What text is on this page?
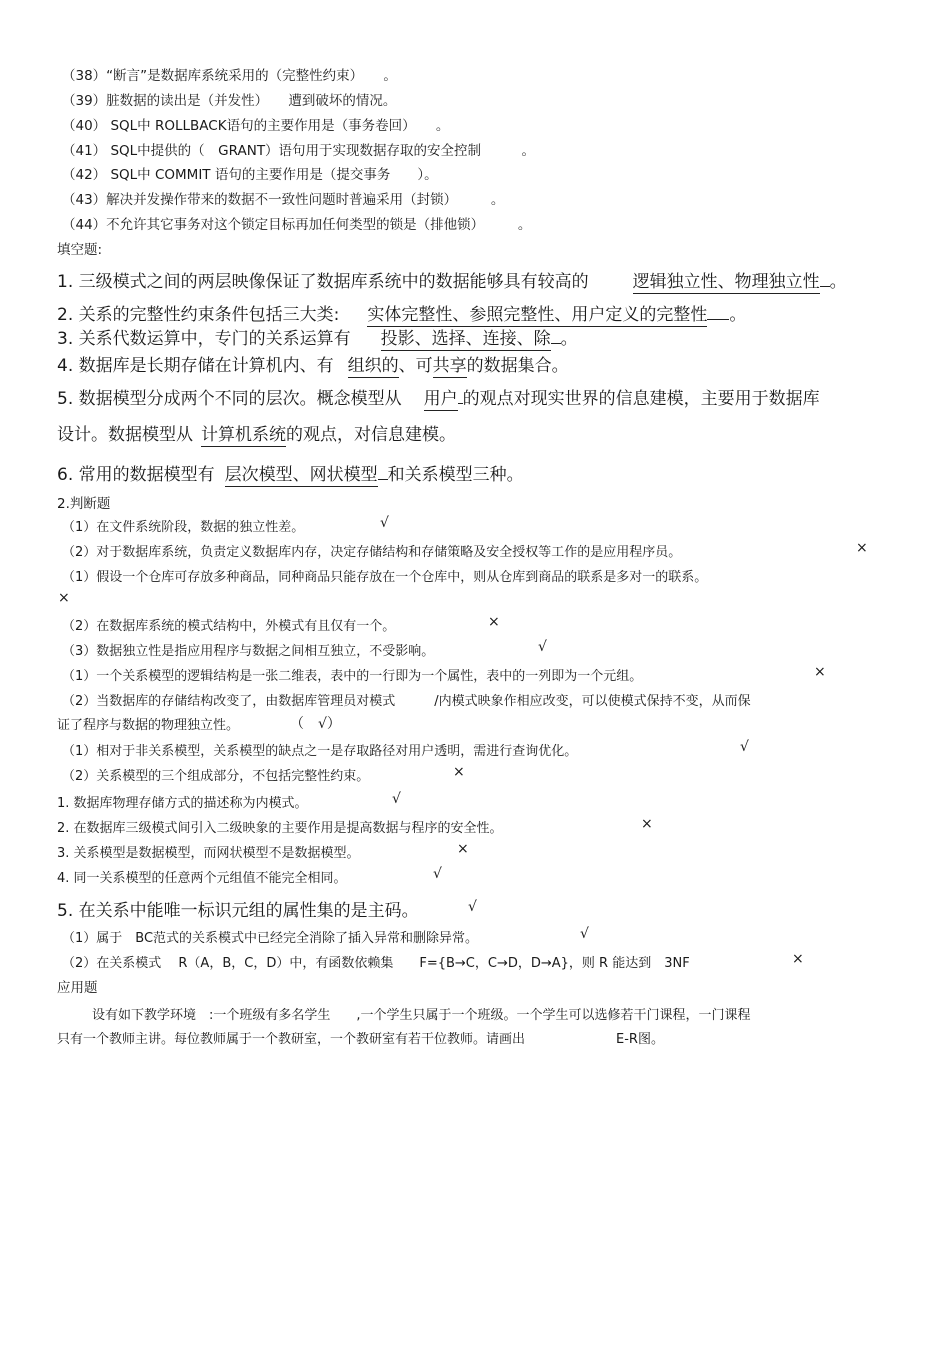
（38）“断言”是数据库系统采用的（完整性约束）　　。
（39）脏数据的读出是（并发性）　　遭到破坏的情况。
（40） SQL中 ROLLBACK语句的主要作用是（事务卷回）　　。
（41） SQL中提供的（　GRANT）语句用于实现数据存取的安全控制　　　。
（42） SQL中 COMMIT 语句的主要作用是（提交事务　　）。
（43）解决并发操作带来的数据不一致性问题时普遍采用（封锁）　　　。
（44）不允许其它事务对这个锁定目标再加任何类型的锁是（排他锁）　　　。
填空题:
1. 三级模式之间的两层映像保证了数据库系统中的数据能够具有较高的	逻辑独立性、物理独立性 。
2. 关系的完整性约束条件包括三大类: 实体完整性、参照完整性、用户定义的完整性 。
3. 关系代数运算中，专门的关系运算有 投影、选择、连接、除 。
4. 数据库是长期存储在计算机内、有 组织的、可共享的数据集合。
5. 数据模型分成两个不同的层次。概念模型从 用户 的观点对现实世界的信息建模，主要用于数据库
设计。数据模型从 计算机系统的观点，对信息建模。
6. 常用的数据模型有 层次模型、网状模型 和关系模型三种。
2.判断题
（1）在文件系统阶段，数据的独立性差。	√
（2）对于数据库系统，负责定义数据库内存，决定存储结构和存储策略及安全授权等工作的是应用程序员。	×
（1）假设一个仓库可存放多种商品，同种商品只能存放在一个仓库中，则从仓库到商品的联系是多对一的联系。
×
（2）在数据库系统的模式结构中，外模式有且仅有一个。	×
（3）数据独立性是指应用程序与数据之间相互独立，不受影响。	√
（1）一个关系模型的逻辑结构是一张二维表，表中的一行即为一个属性，表中的一列即为一个元组。	×
（2）当数据库的存储结构改变了，由数据库管理员对模式　　　/内模式映象作相应改变，可以使模式保持不变，从而保
证了程序与数据的物理独立性。	（　√）
（1）相对于非关系模型，关系模型的缺点之一是存取路径对用户透明，需进行查询优化。	√
（2）关系模型的三个组成部分，不包括完整性约束。	×
1. 数据库物理存储方式的描述称为内模式。	√
2. 在数据库三级模式间引入二级映象的主要作用是提高数据与程序的安全性。	×
3. 关系模型是数据模型，而网状模型不是数据模型。	×
4. 同一关系模型的任意两个元组值不能完全相同。	√
5. 在关系中能唯一标识元组的属性集的是主码。	√
（1）属于　BC范式的关系模式中已经完全消除了插入异常和删除异常。	√
（2）在关系模式　 R（A，B，C，D）中，有函数依赖集　　F={B→C，C→D，D→A}，则 R 能达到　3NF	×
应用题
设有如下教学环境　:一个班级有多名学生　　,一个学生只属于一个班级。一个学生可以选修若干门课程，一门课程
只有一个教师主讲。每位教师属于一个教研室，一个教研室有若干位教师。请画出　　　　　　　E-R图。
